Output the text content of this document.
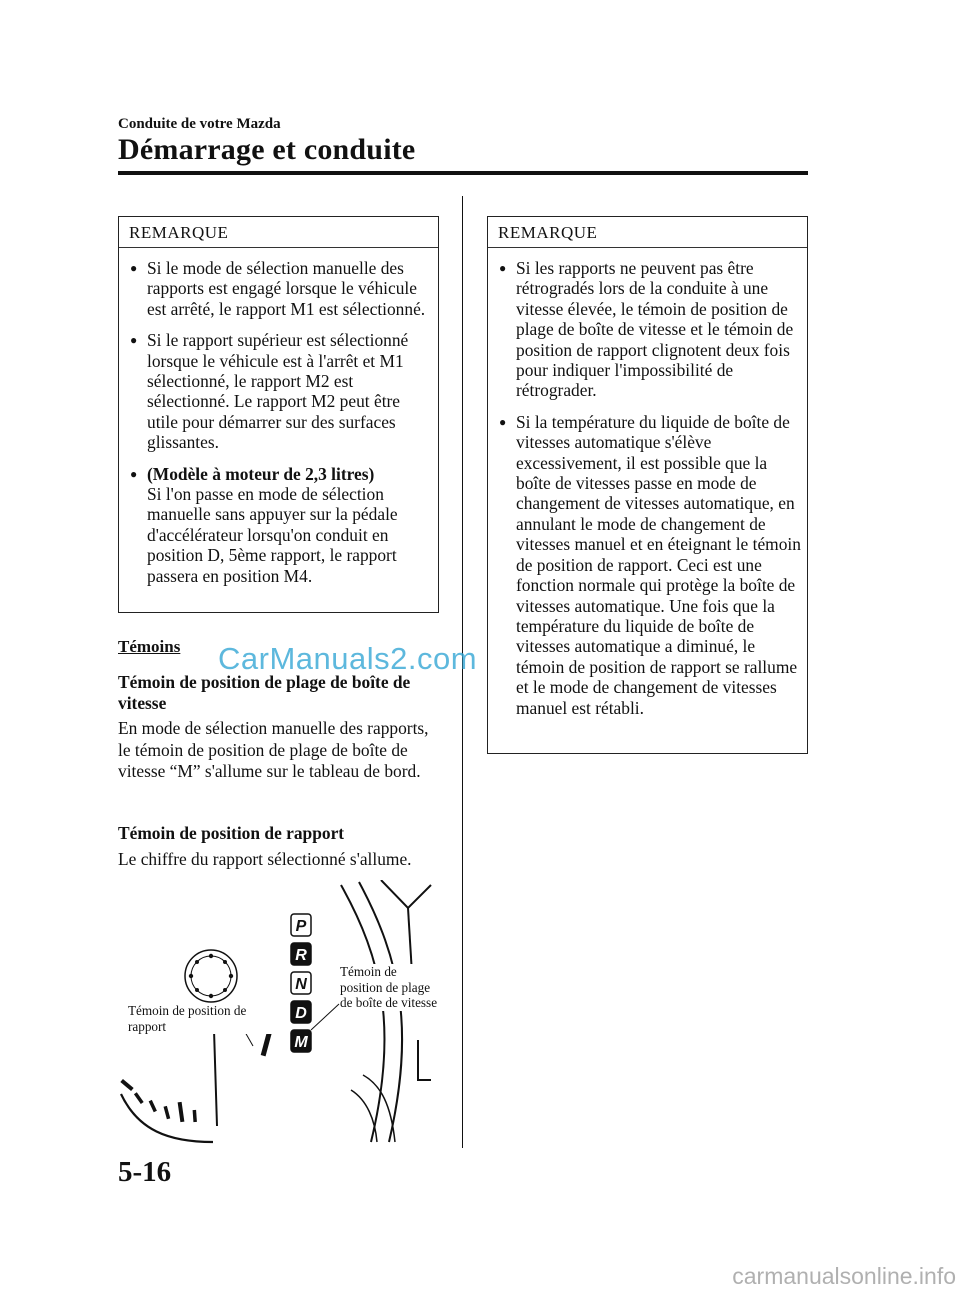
Conduite de votre Mazda
Démarrage et conduite
REMARQUE
● Si le mode de sélection manuelle des rapports est engagé lorsque le véhicule est arrêté, le rapport M1 est sélectionné.
● Si le rapport supérieur est sélectionné lorsque le véhicule est à l'arrêt et M1 sélectionné, le rapport M2 est sélectionné. Le rapport M2 peut être utile pour démarrer sur des surfaces glissantes.
● (Modèle à moteur de 2,3 litres)
Si l'on passe en mode de sélection manuelle sans appuyer sur la pédale d'accélérateur lorsqu'on conduit en position D, 5ème rapport, le rapport passera en position M4.
Témoins
Témoin de position de plage de boîte de vitesse
En mode de sélection manuelle des rapports, le témoin de position de plage de boîte de vitesse “M” s'allume sur le tableau de bord.
Témoin de position de rapport
Le chiffre du rapport sélectionné s'allume.
CarManuals2.com
P
R
N
D
M
Témoin de position de rapport
Témoin de position de plage de boîte de vitesse
REMARQUE
● Si les rapports ne peuvent pas être rétrogradés lors de la conduite à une vitesse élevée, le témoin de position de plage de boîte de vitesse et le témoin de position de rapport clignotent deux fois pour indiquer l'impossibilité de rétrograder.
● Si la température du liquide de boîte de vitesses automatique s'élève excessivement, il est possible que la boîte de vitesses passe en mode de changement de vitesses automatique, en annulant le mode de changement de vitesses manuel et en éteignant le témoin de position de rapport. Ceci est une fonction normale qui protège la boîte de vitesses automatique. Une fois que la température du liquide de boîte de vitesses automatique a diminué, le témoin de position de rapport se rallume et le mode de changement de vitesses manuel est rétabli.
5-16
carmanualsonline.info
